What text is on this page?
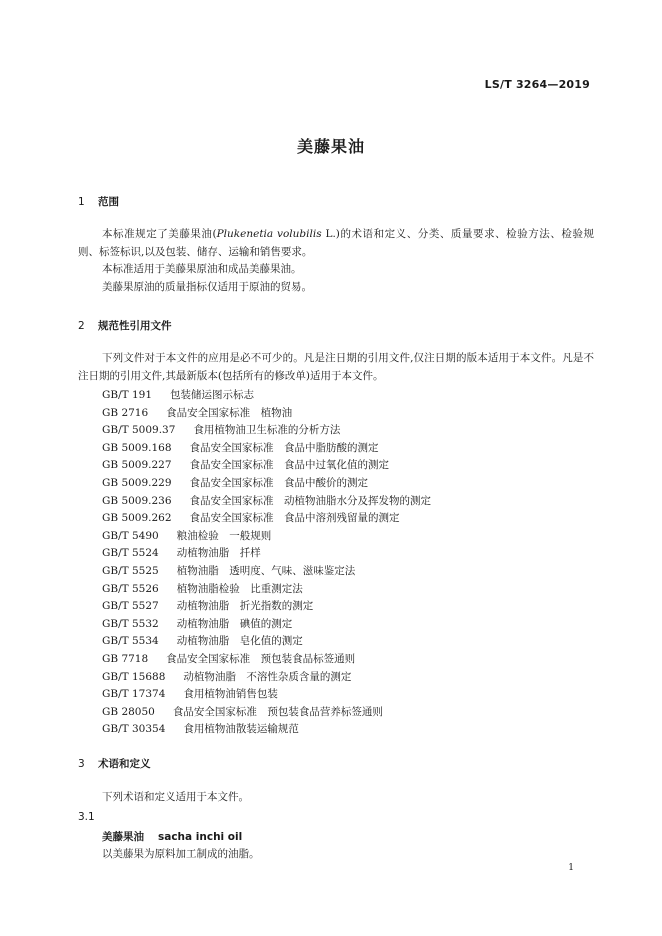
LS/T 3264—2019
美藤果油
1 范围
本标准规定了美藤果油(Plukenetia volubilis L.)的术语和定义、分类、质量要求、检验方法、检验规则、标签标识,以及包装、储存、运输和销售要求。
本标准适用于美藤果原油和成品美藤果油。
美藤果原油的质量指标仅适用于原油的贸易。
2 规范性引用文件
下列文件对于本文件的应用是必不可少的。凡是注日期的引用文件,仅注日期的版本适用于本文件。凡是不注日期的引用文件,其最新版本(包括所有的修改单)适用于本文件。
GB/T 191 包装储运图示标志
GB 2716 食品安全国家标准　植物油
GB/T 5009.37 食用植物油卫生标准的分析方法
GB 5009.168 食品安全国家标准　食品中脂肪酸的测定
GB 5009.227 食品安全国家标准　食品中过氧化值的测定
GB 5009.229 食品安全国家标准　食品中酸价的测定
GB 5009.236 食品安全国家标准　动植物油脂水分及挥发物的测定
GB 5009.262 食品安全国家标准　食品中溶剂残留量的测定
GB/T 5490 粮油检验　一般规则
GB/T 5524 动植物油脂　扦样
GB/T 5525 植物油脂　透明度、气味、滋味鉴定法
GB/T 5526 植物油脂检验　比重测定法
GB/T 5527 动植物油脂　折光指数的测定
GB/T 5532 动植物油脂　碘值的测定
GB/T 5534 动植物油脂　皂化值的测定
GB 7718 食品安全国家标准　预包装食品标签通则
GB/T 15688 动植物油脂　不溶性杂质含量的测定
GB/T 17374 食用植物油销售包装
GB 28050 食品安全国家标准　预包装食品营养标签通则
GB/T 30354 食用植物油散装运输规范
3 术语和定义
下列术语和定义适用于本文件。
3.1
美藤果油 sacha inchi oil
以美藤果为原料加工制成的油脂。
1
